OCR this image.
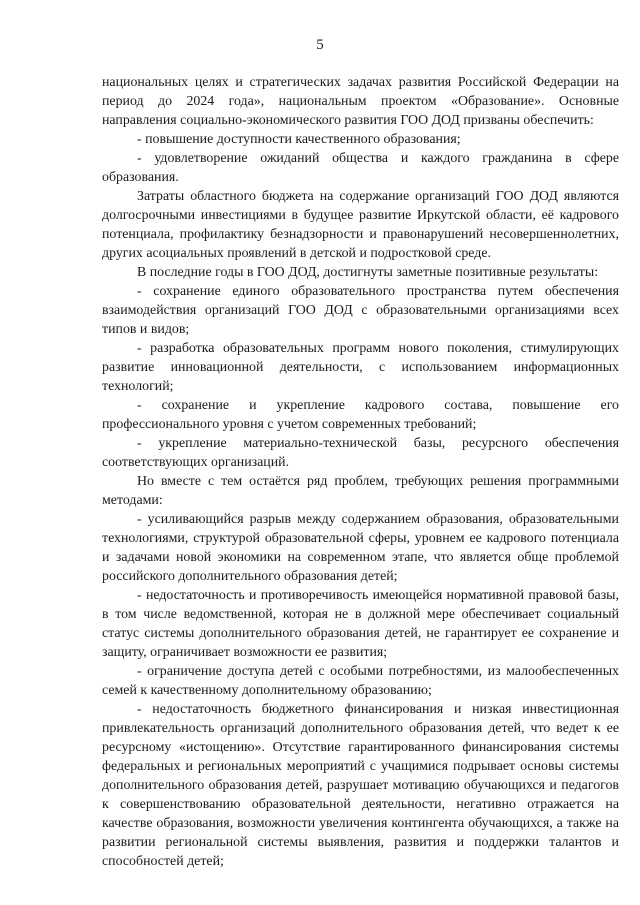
5

национальных целях и стратегических задачах развития Российской Федерации на период до 2024 года», национальным проектом «Образование». Основные направления социально-экономического развития ГОО ДОД призваны обеспечить:

- повышение доступности качественного образования;

- удовлетворение ожиданий общества и каждого гражданина в сфере образования.

Затраты областного бюджета на содержание организаций ГОО ДОД являются долгосрочными инвестициями в будущее развитие Иркутской области, её кадрового потенциала, профилактику безнадзорности и правонарушений несовершеннолетних, других асоциальных проявлений в детской и подростковой среде.

В последние годы в ГОО ДОД, достигнуты заметные позитивные результаты:

- сохранение единого образовательного пространства путем обеспечения взаимодействия организаций ГОО ДОД с образовательными организациями всех типов и видов;

- разработка образовательных программ нового поколения, стимулирующих развитие инновационной деятельности, с использованием информационных технологий;

- сохранение и укрепление кадрового состава, повышение его профессионального уровня с учетом современных требований;

- укрепление материально-технической базы, ресурсного обеспечения соответствующих организаций.

Но вместе с тем остаётся ряд проблем, требующих решения программными методами:

- усиливающийся разрыв между содержанием образования, образовательными технологиями, структурой образовательной сферы, уровнем ее кадрового потенциала и задачами новой экономики на современном этапе, что является обще проблемой российского дополнительного образования детей;

- недостаточность и противоречивость имеющейся нормативной правовой базы, в том числе ведомственной, которая не в должной мере обеспечивает социальный статус системы дополнительного образования детей, не гарантирует ее сохранение и защиту, ограничивает возможности ее развития;

- ограничение доступа детей с особыми потребностями, из малообеспеченных семей к качественному дополнительному образованию;

- недостаточность бюджетного финансирования и низкая инвестиционная привлекательность организаций дополнительного образования детей, что ведет к ее ресурсному «истощению». Отсутствие гарантированного финансирования системы федеральных и региональных мероприятий с учащимися подрывает основы системы дополнительного образования детей, разрушает мотивацию обучающихся и педагогов к совершенствованию образовательной деятельности, негативно отражается на качестве образования, возможности увеличения контингента обучающихся, а также на развитии региональной системы выявления, развития и поддержки талантов и способностей детей;
